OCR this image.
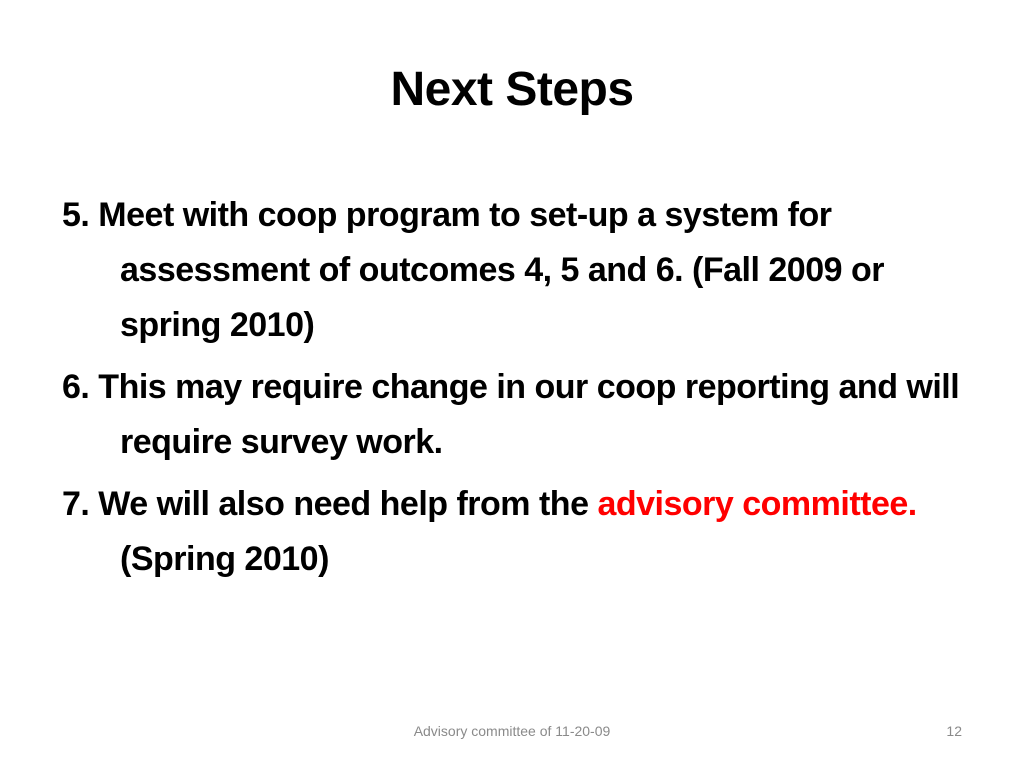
Next Steps
5. Meet with coop program to set-up a system for assessment of outcomes 4, 5 and 6. (Fall 2009 or spring 2010)
6. This may require change in our coop reporting and will require survey work.
7. We will also need help from the advisory committee. (Spring 2010)
Advisory committee of 11-20-09	12
